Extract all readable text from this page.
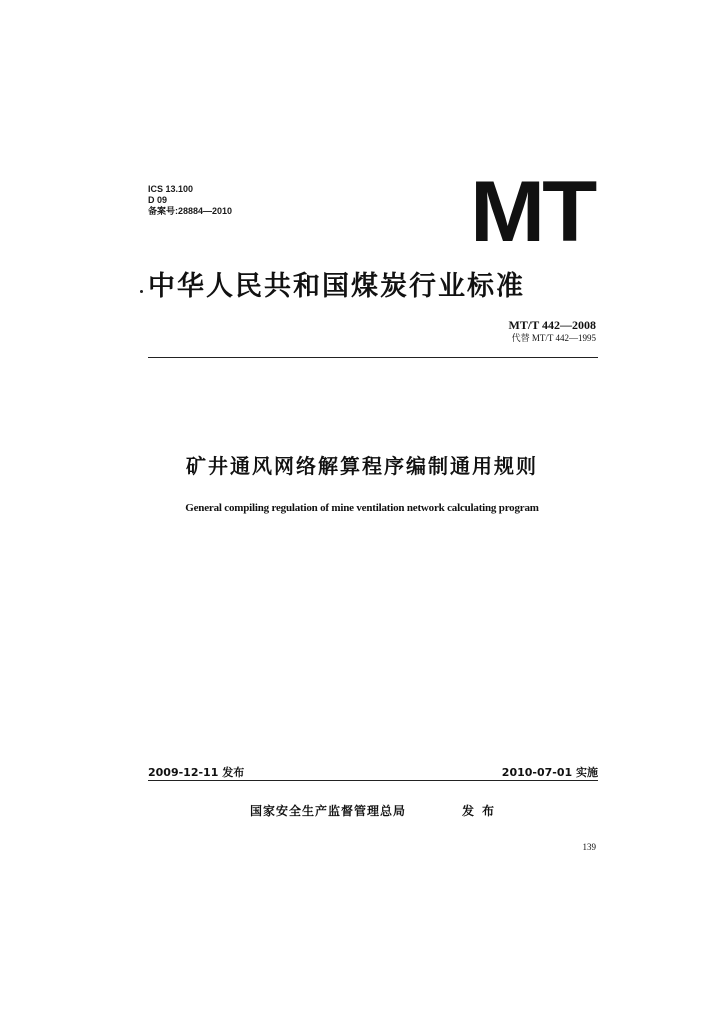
ICS 13.100
D 09
备案号:28884—2010	MT
中华人民共和国煤炭行业标准
MT/T 442—2008
代替 MT/T 442—1995
矿井通风网络解算程序编制通用规则
General compiling regulation of mine ventilation network calculating program
2009-12-11 发布	2010-07-01 实施
国家安全生产监督管理总局	发布
139
